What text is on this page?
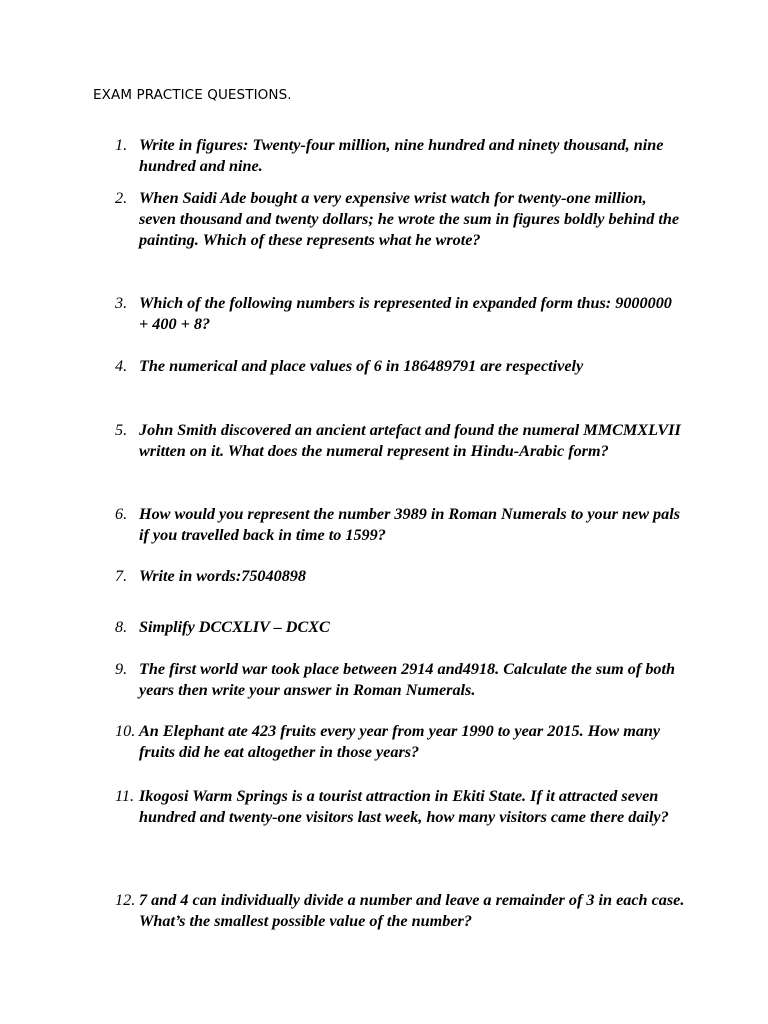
EXAM PRACTICE QUESTIONS.
1. Write in figures: Twenty-four million, nine hundred and ninety thousand, nine hundred and nine.
2. When Saidi Ade bought a very expensive wrist watch for twenty-one million, seven thousand and twenty dollars; he wrote the sum in figures boldly behind the painting. Which of these represents what he wrote?
3. Which of the following numbers is represented in expanded form thus: 9000000 + 400 + 8?
4. The numerical and place values of 6 in 186489791 are respectively
5. John Smith discovered an ancient artefact and found the numeral MMCMXLVII written on it. What does the numeral represent in Hindu-Arabic form?
6. How would you represent the number 3989 in Roman Numerals to your new pals if you travelled back in time to 1599?
7. Write in words:75040898
8. Simplify DCCXLIV – DCXC
9. The first world war took place between 2914 and4918. Calculate the sum of both years then write your answer in Roman Numerals.
10. An Elephant ate 423 fruits every year from year 1990 to year 2015. How many fruits did he eat altogether in those years?
11. Ikogosi Warm Springs is a tourist attraction in Ekiti State. If it attracted seven hundred and twenty-one visitors last week, how many visitors came there daily?
12. 7 and 4 can individually divide a number and leave a remainder of 3 in each case. What’s the smallest possible value of the number?
